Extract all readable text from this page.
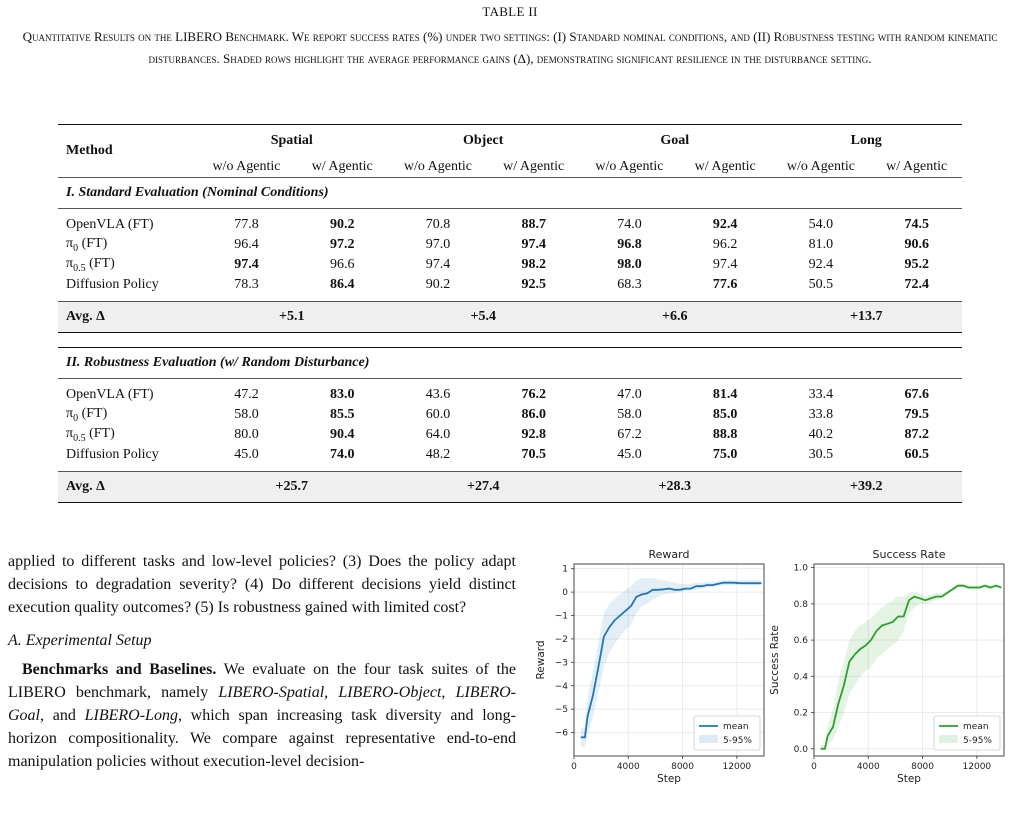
TABLE II
Quantitative Results on the LIBERO Benchmark. We report success rates (%) under two settings: (I) Standard nominal conditions, and (II) Robustness testing with random kinematic disturbances. Shaded rows highlight the average performance gains (Δ), demonstrating significant resilience in the disturbance setting.
Method	Spatial		Object		Goal		Long	
	w/o Agentic	w/ Agentic	w/o Agentic	w/ Agentic	w/o Agentic	w/ Agentic	w/o Agentic	w/ Agentic
I. Standard Evaluation (Nominal Conditions)								

OpenVLA (FT)	77.8	90.2	70.8	88.7	74.0	92.4	54.0	74.5
$\pi_0$ (FT)	96.4	97.2	97.0	97.4	96.8	96.2	81.0	90.6
$\pi_{0.5}$ (FT)	97.4	96.6	97.4	98.2	98.0	97.4	92.4	95.2
Diffusion Policy	78.3	86.4	90.2	92.5	68.3	77.6	50.5	72.4

Avg. Δ	+5.1		+5.4		+6.6		+13.7	

II. Robustness Evaluation (w/ Random Disturbance)								

OpenVLA (FT)	47.2	83.0	43.6	76.2	47.0	81.4	33.4	67.6
$\pi_0$ (FT)	58.0	85.5	60.0	86.0	58.0	85.0	33.8	79.5
$\pi_{0.5}$ (FT)	80.0	90.4	64.0	92.8	67.2	88.8	40.2	87.2
Diffusion Policy	45.0	74.0	48.2	70.5	45.0	75.0	30.5	60.5

Avg. Δ	+25.7		+27.4		+28.3		+39.2	

applied to different tasks and low-level policies? (3) Does the policy adapt decisions to degradation severity? (4) Do different decisions yield distinct execution quality outcomes? (5) Is robustness gained with limited cost?

A. Experimental Setup

Benchmarks and Baselines. We evaluate on the four task suites of the LIBERO benchmark, namely LIBERO-Spatial, LIBERO-Object, LIBERO-Goal, and LIBERO-Long, which span increasing task diversity and long-horizon compositionality. We compare against representative end-to-end manipulation policies without execution-level decision-

Reward
1
0
−1
−2
−3
−4
−5
−6
0	4000	8000	12000
Step
Reward
mean
5-95%
Success Rate
1.0
0.8
0.6
0.4
0.2
0.0
0	4000	8000	12000
Step
Success Rate
mean
5-95%
